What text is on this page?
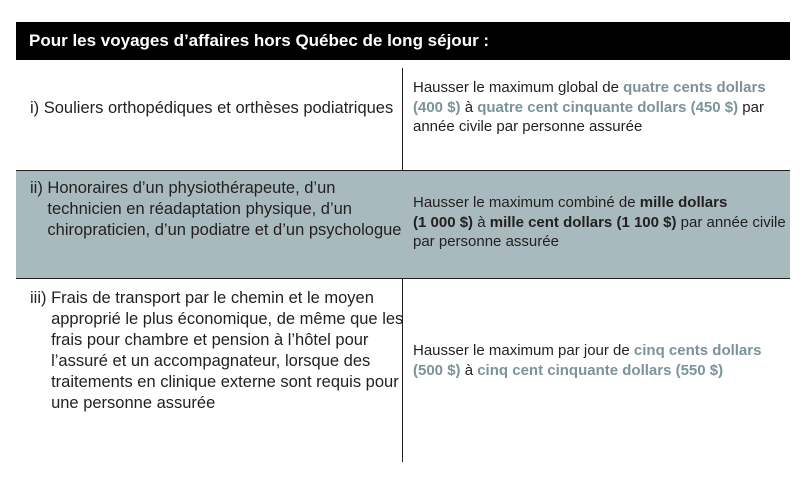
Pour les voyages d’affaires hors Québec de long séjour :
i) Souliers orthopédiques et orthèses podiatriques
Hausser le maximum global de quatre cents dollars (400 $) à quatre cent cinquante dollars (450 $) par année civile par personne assurée
ii) Honoraires d’un physiothérapeute, d’un technicien en réadaptation physique, d’un chiropraticien, d’un podiatre et d’un psychologue
Hausser le maximum combiné de mille dollars (1 000 $) à mille cent dollars (1 100 $) par année civile par personne assurée
iii) Frais de transport par le chemin et le moyen approprié le plus économique, de même que les frais pour chambre et pension à l’hôtel pour l’assuré et un accompagnateur, lorsque des traitements en clinique externe sont requis pour une personne assurée
Hausser le maximum par jour de cinq cents dollars (500 $) à cinq cent cinquante dollars (550 $)
